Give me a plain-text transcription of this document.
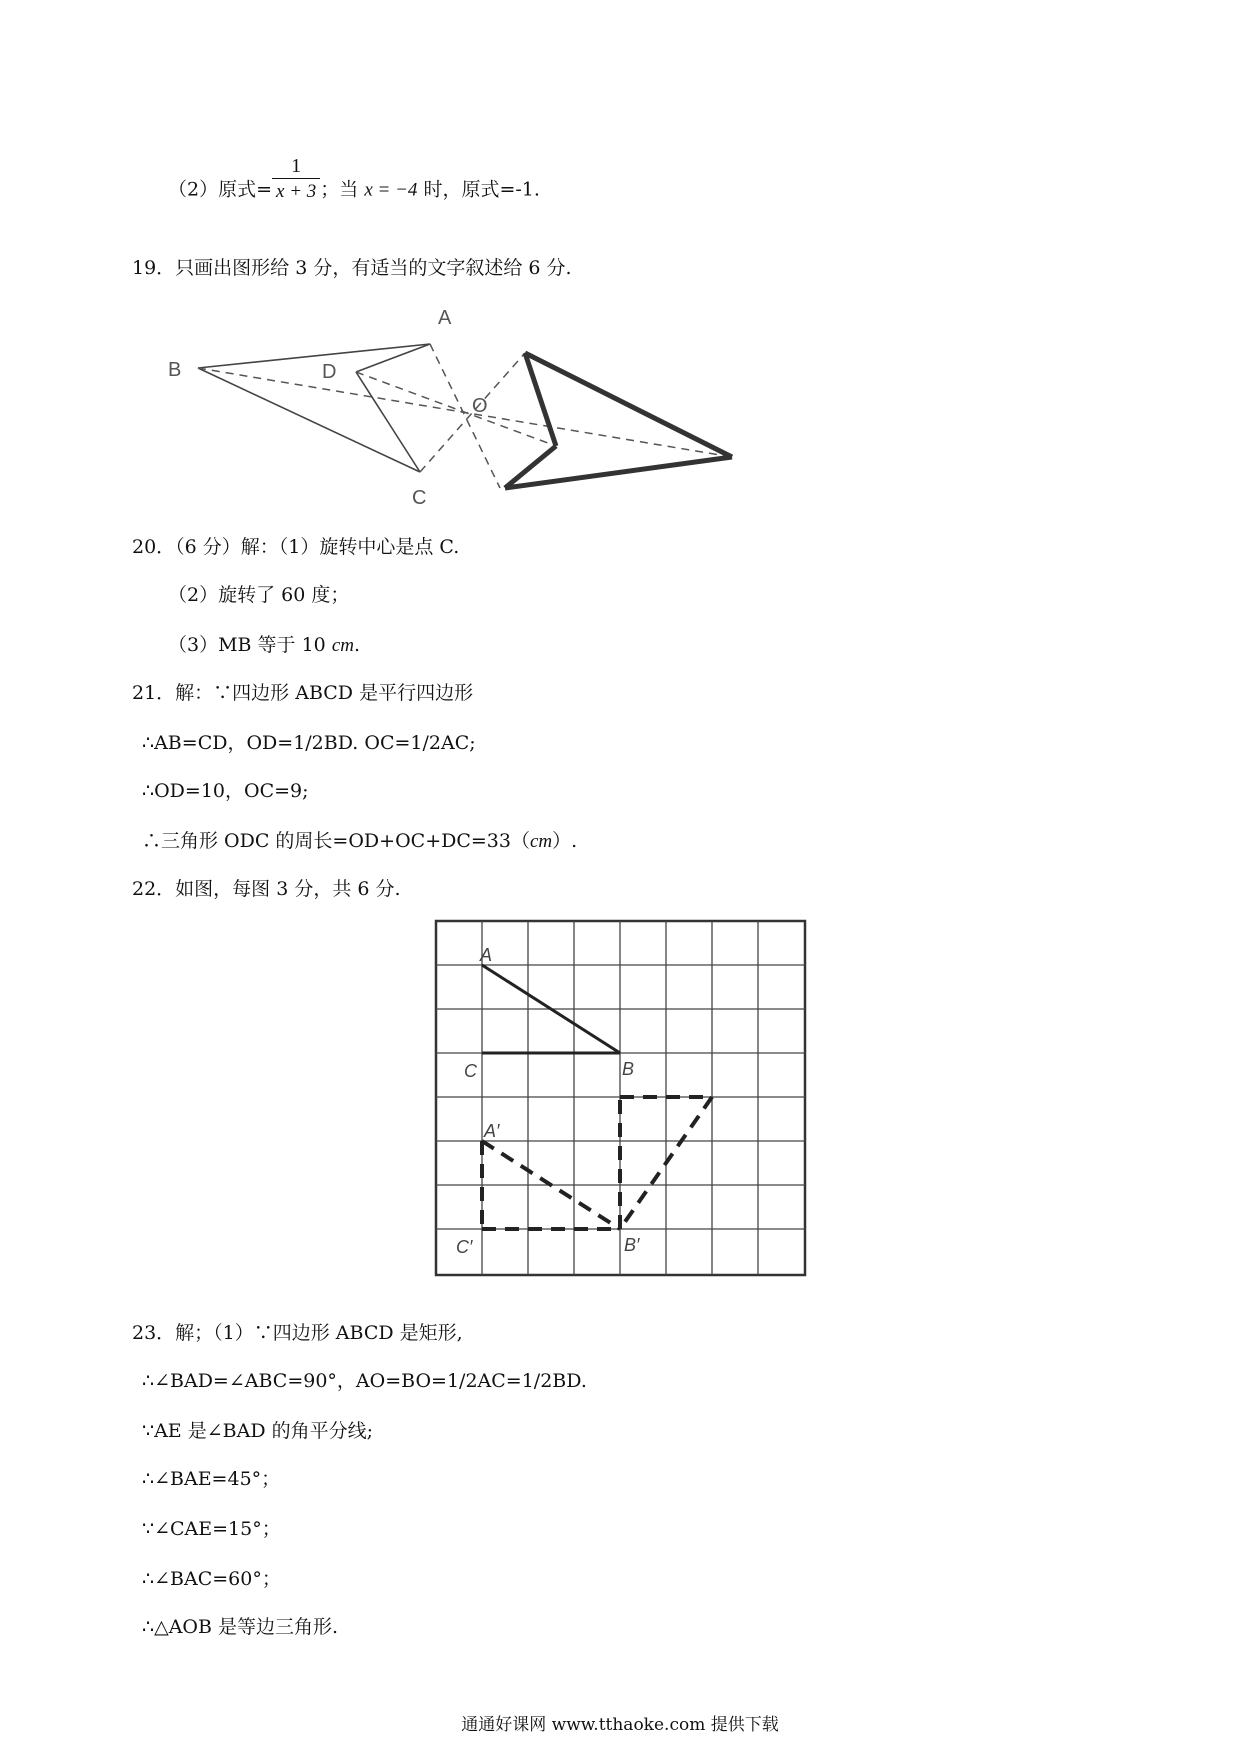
（2）原式= $\frac{1}{x + 3}$ ；当 x = −4 时，原式=-1.
19．只画出图形给 3 分，有适当的文字叙述给 6 分.
A
B
C
D
O
20．（6 分）解：（1）旋转中心是点 C.
（2）旋转了 60 度；
（3）MB 等于 10 cm.
21．解：∵四边形 ABCD 是平行四边形
∴AB=CD，OD=1/2BD. OC=1/2AC;
∴OD=10，OC=9;
∴三角形 ODC 的周长=OD+OC+DC=33（cm）.
22．如图，每图 3 分，共 6 分.
A
B
C
A′
B′
C′
23．解；（1）∵四边形 ABCD 是矩形,
∴∠BAD=∠ABC=90°，AO=BO=1/2AC=1/2BD.
∵AE 是∠BAD 的角平分线;
∴∠BAE=45°；
∵∠CAE=15°；
∴∠BAC=60°；
∴△AOB 是等边三角形.
通通好课网 www.tthaoke.com 提供下载
